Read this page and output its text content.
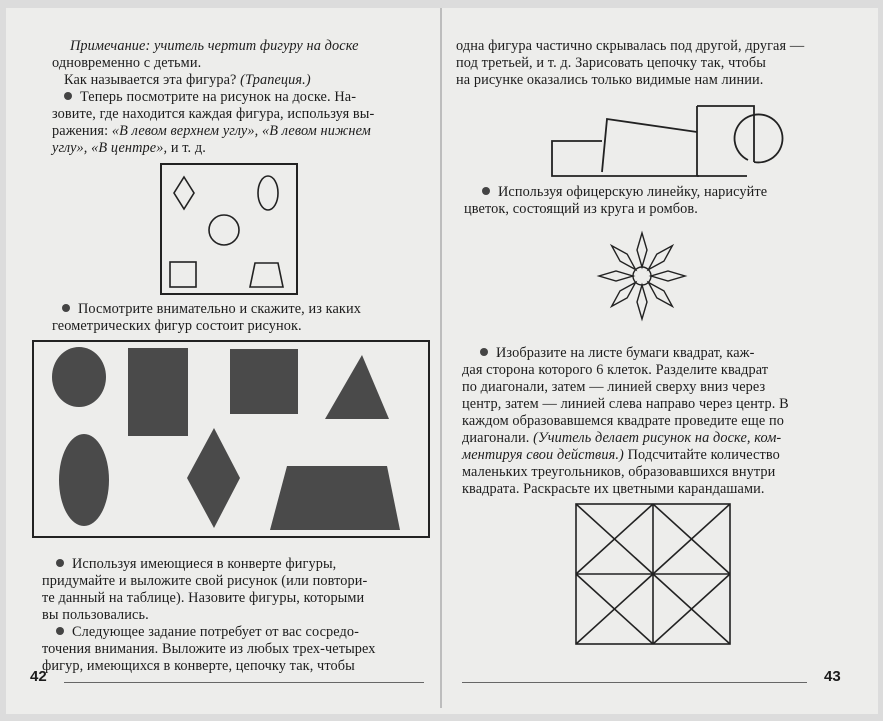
Примечание: учитель чертит фигуру на доске

одновременно с детьми.

Как называется эта фигура? (Трапеция.)

Теперь посмотрите на рисунок на доске. На-

зовите, где находится каждая фигура, используя вы-

ражения: «В левом верхнем углу», «В левом нижнем

углу», «В центре», и т. д.

Посмотрите внимательно и скажите, из каких

геометрических фигур состоит рисунок.

Используя имеющиеся в конверте фигуры,

придумайте и выложите свой рисунок (или повтори-

те данный на таблице). Назовите фигуры, которыми

вы пользовались.

Следующее задание потребует от вас сосредо-

точения внимания. Выложите из любых трех-четырех

фигур, имеющихся в конверте, цепочку так, чтобы

42

одна фигура частично скрывалась под другой, другая —

под третьей, и т. д. Зарисовать цепочку так, чтобы

на рисунке оказались только видимые нам линии.

Используя офицерскую линейку, нарисуйте

цветок, состоящий из круга и ромбов.

Изобразите на листе бумаги квадрат, каж-

дая сторона которого 6 клеток. Разделите квадрат

по диагонали, затем — линией сверху вниз через

центр, затем — линией слева направо через центр. В

каждом образовавшемся квадрате проведите еще по

диагонали. (Учитель делает рисунок на доске, ком-

ментируя свои действия.) Подсчитайте количество

маленьких треугольников, образовавшихся внутри

квадрата. Раскрасьте их цветными карандашами.

43
